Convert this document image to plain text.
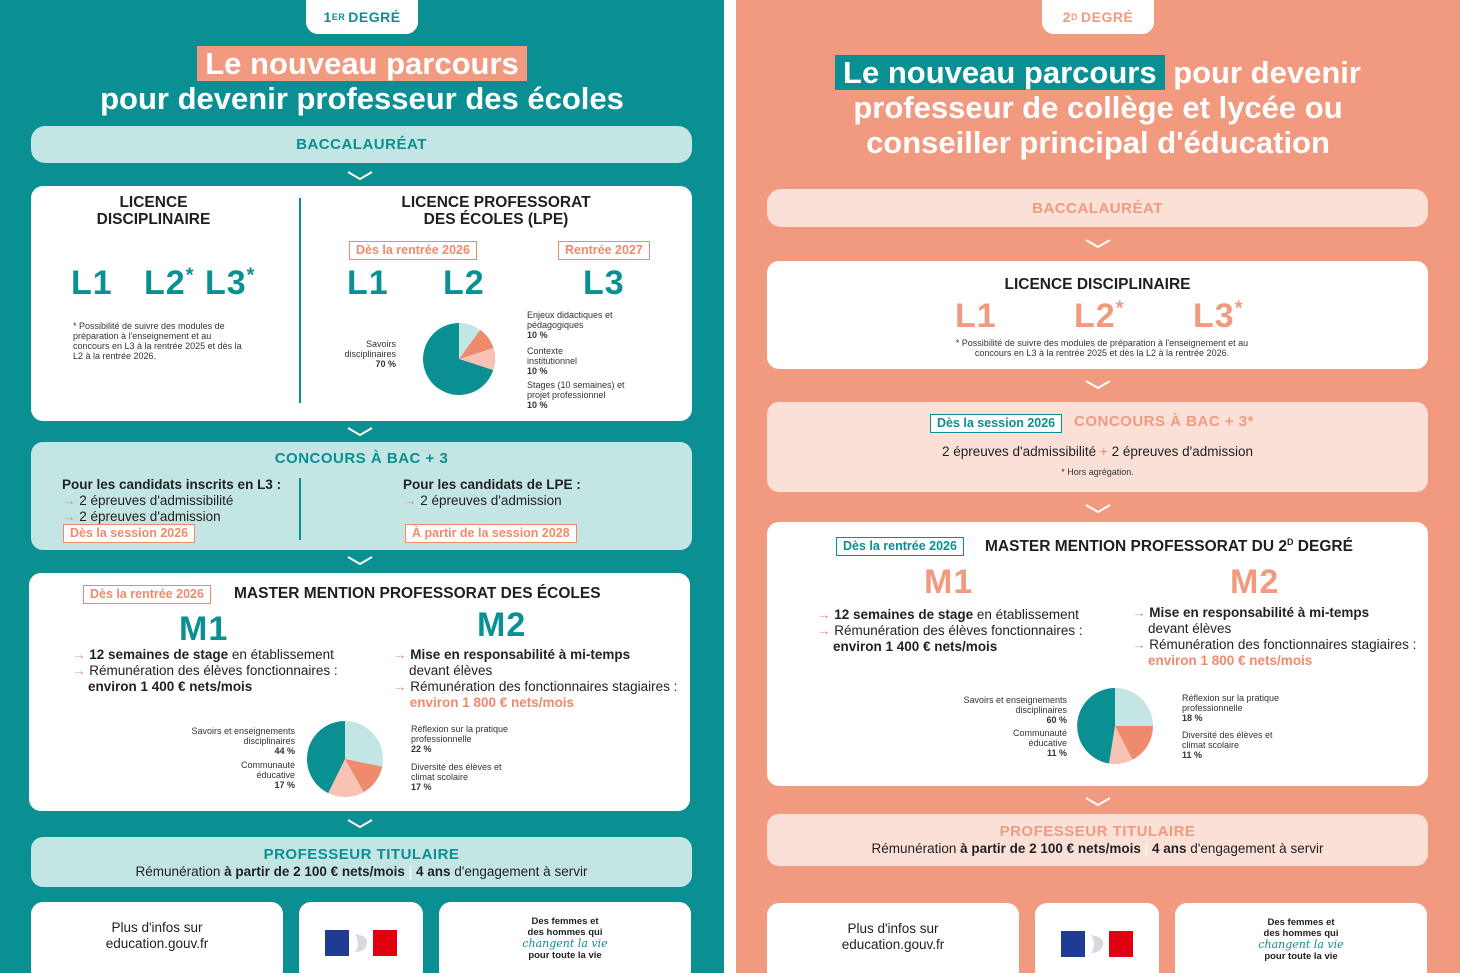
1 ER DEGRÉ
Le nouveau parcours
pour devenir professeur des écoles
BACCALAURÉAT
LICENCE
DISCIPLINAIRE
L1 L2* L3*
* Possibilité de suivre des modules de préparation à l'enseignement et au concours en L3 à la rentrée 2025 et dès la L2 à la rentrée 2026.
LICENCE PROFESSORAT
DES ÉCOLES (LPE)
Dès la rentrée 2026	Rentrée 2027
L1 L2	L3
Savoirs disciplinaires
70 %
Enjeux didactiques et pédagogiques
10 %
Contexte institutionnel
10 %
Stages (10 semaines) et projet professionnel
10 %
CONCOURS À BAC + 3
Pour les candidats inscrits en L3 :
→ 2 épreuves d'admissibilité
→ 2 épreuves d'admission
Dès la session 2026
Pour les candidats de LPE :
→ 2 épreuves d'admission
À partir de la session 2028
Dès la rentrée 2026	MASTER MENTION PROFESSORAT DES ÉCOLES
M1	M2
→ 12 semaines de stage en établissement
→ Rémunération des élèves fonctionnaires :
environ 1 400 € nets/mois
→ Mise en responsabilité à mi-temps
devant élèves
→ Rémunération des fonctionnaires stagiaires :
environ 1 800 € nets/mois
Savoirs et enseignements disciplinaires
44 %
Communauté éducative
17 %
Réflexion sur la pratique professionnelle
22 %
Diversité des élèves et climat scolaire
17 %
PROFESSEUR TITULAIRE
Rémunération à partir de 2 100 € nets/mois | 4 ans d'engagement à servir
Plus d'infos sur
education.gouv.fr
Des femmes et
des hommes qui
changent la vie
pour toute la vie
2 D DEGRÉ
Le nouveau parcours pour devenir
professeur de collège et lycée ou
conseiller principal d'éducation
BACCALAURÉAT
LICENCE DISCIPLINAIRE
L1 L2* L3*
* Possibilité de suivre des modules de préparation à l'enseignement et au concours en L3 à la rentrée 2025 et dès la L2 à la rentrée 2026.
Dès la session 2026	CONCOURS À BAC + 3*
2 épreuves d'admissibilité + 2 épreuves d'admission
* Hors agrégation.
Dès la rentrée 2026	MASTER MENTION PROFESSORAT DU $2^D$ DEGRÉ
M1	M2
→ 12 semaines de stage en établissement
→ Rémunération des élèves fonctionnaires :
environ 1 400 € nets/mois
→ Mise en responsabilité à mi-temps
devant élèves
→ Rémunération des fonctionnaires stagiaires :
environ 1 800 € nets/mois
Savoirs et enseignements disciplinaires
60 %
Communauté éducative
11 %
Réflexion sur la pratique professionnelle
18 %
Diversité des élèves et climat scolaire
11 %
PROFESSEUR TITULAIRE
Rémunération à partir de 2 100 € nets/mois | 4 ans d'engagement à servir
Plus d'infos sur
education.gouv.fr
Des femmes et
des hommes qui
changent la vie
pour toute la vie
